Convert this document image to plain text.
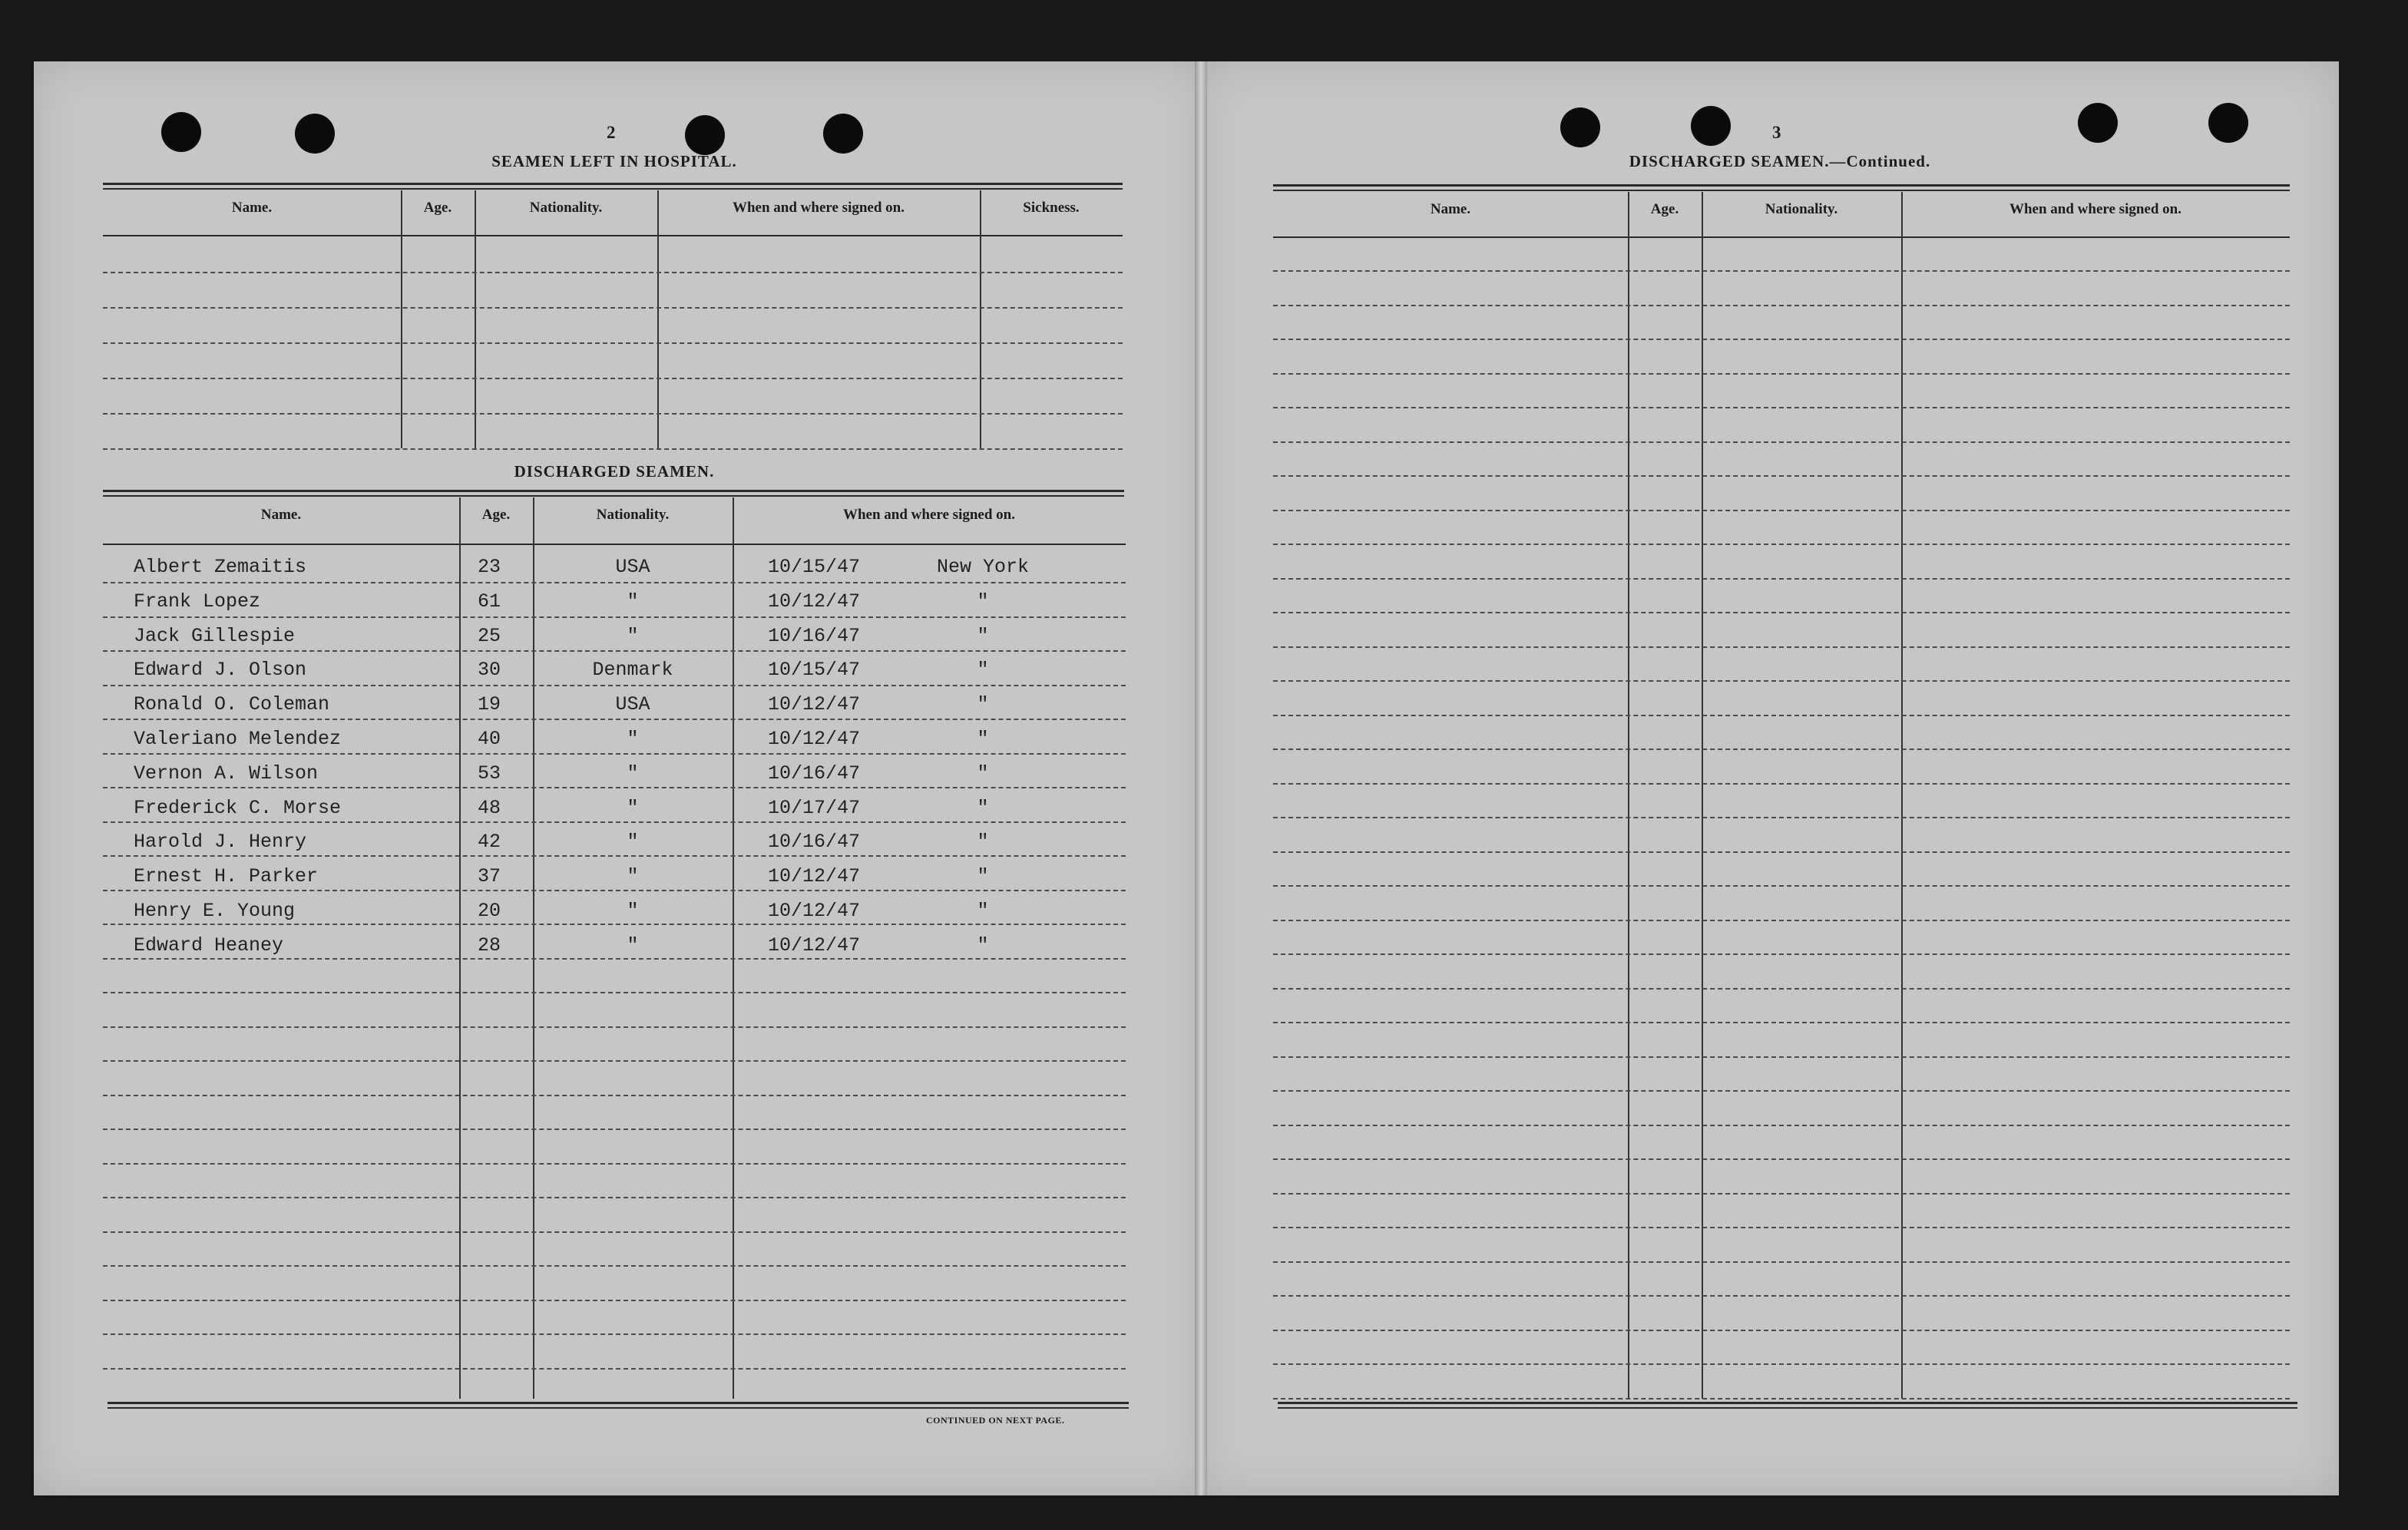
2
SEAMEN LEFT IN HOSPITAL.
Name.	Age.	Nationality.	When and where signed on.	Sickness.
DISCHARGED SEAMEN.
Name.	Age.	Nationality.	When and where signed on.
Albert Zemaitis	23	USA	10/15/47	New York
Frank Lopez	61	"	10/12/47	"
Jack Gillespie	25	"	10/16/47	"
Edward J. Olson	30	Denmark	10/15/47	"
Ronald O. Coleman	19	USA	10/12/47	"
Valeriano Melendez	40	"	10/12/47	"
Vernon A. Wilson	53	"	10/16/47	"
Frederick C. Morse	48	"	10/17/47	"
Harold J. Henry	42	"	10/16/47	"
Ernest H. Parker	37	"	10/12/47	"
Henry E. Young	20	"	10/12/47	"
Edward Heaney	28	"	10/12/47	"
CONTINUED ON NEXT PAGE.
3
DISCHARGED SEAMEN.—Continued.
Name.	Age.	Nationality.	When and where signed on.
